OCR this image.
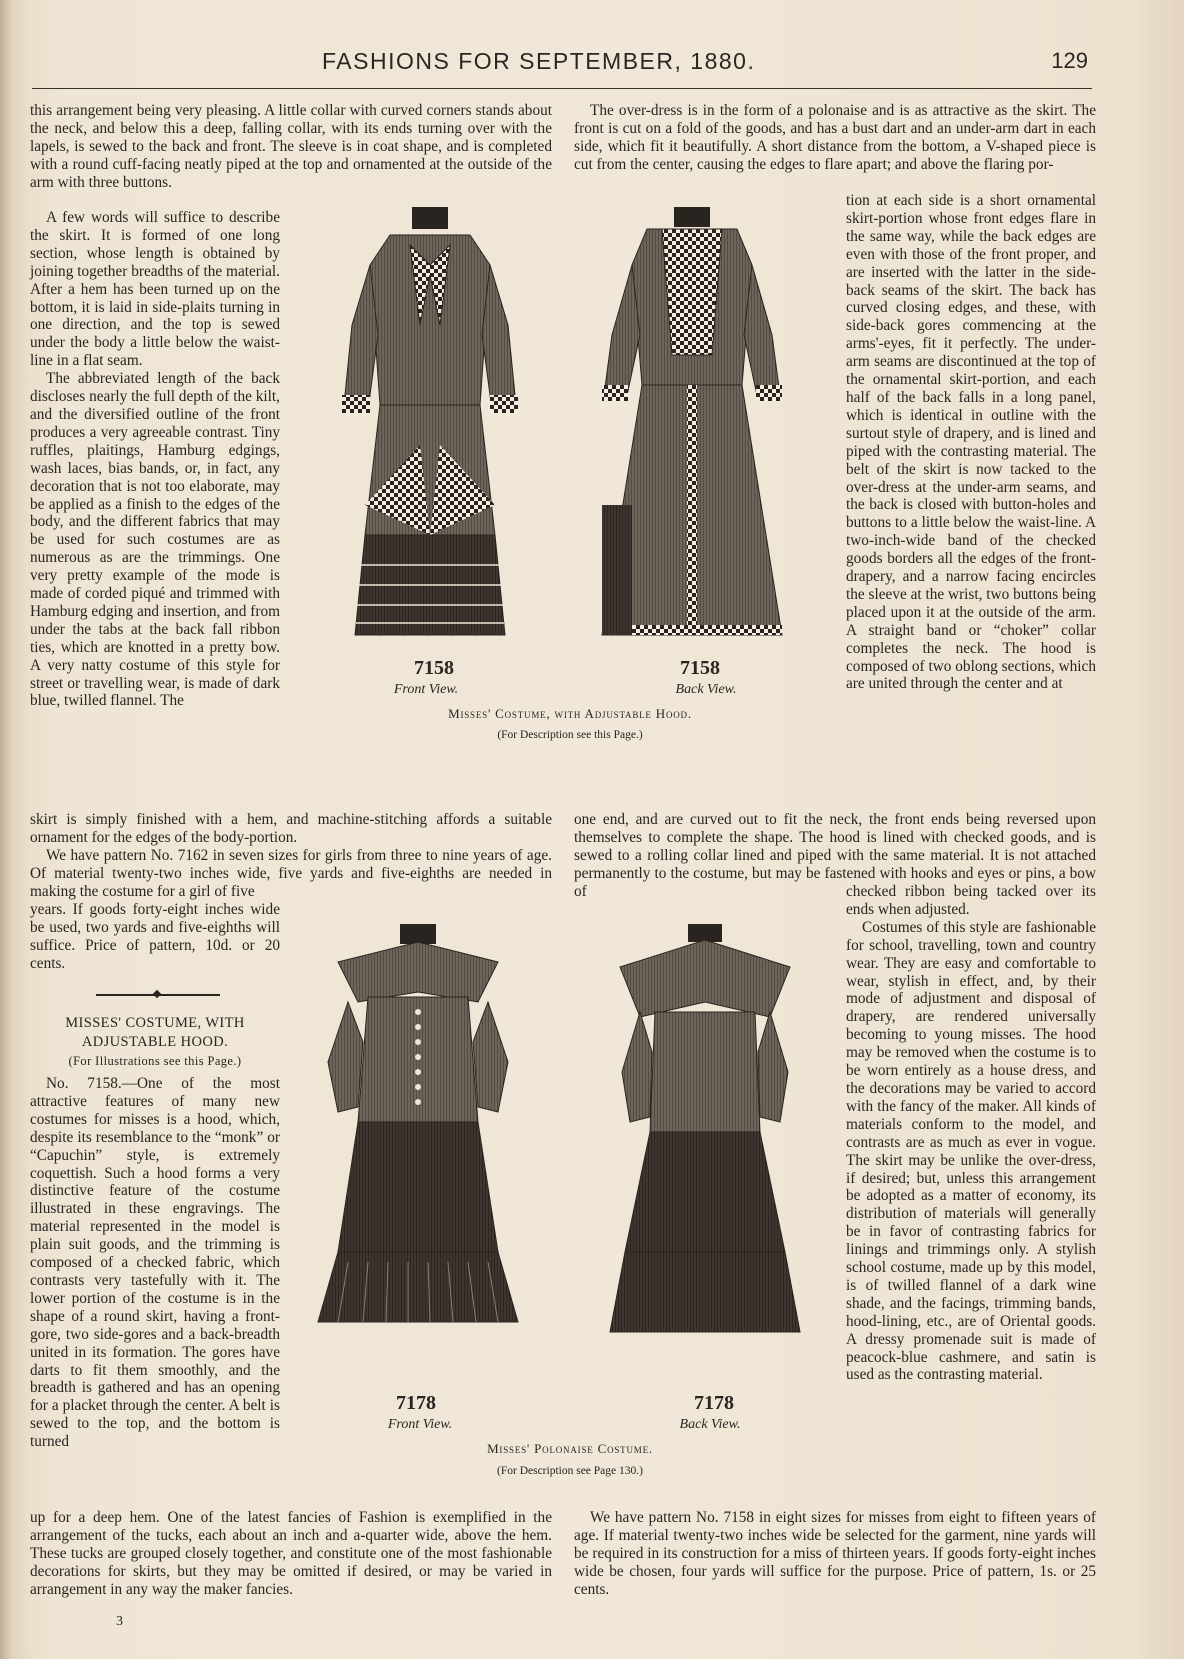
FASHIONS FOR SEPTEMBER, 1880.	129

this arrangement being very pleasing. A little collar with curved corners stands about the neck, and below this a deep, falling collar, with its ends turning over with the lapels, is sewed to the back and front. The sleeve is in coat shape, and is completed with a round cuff-facing neatly piped at the top and ornamented at the outside of the arm with three buttons.

A few words will suffice to describe the skirt. It is formed of one long section, whose length is obtained by joining together breadths of the material. After a hem has been turned up on the bottom, it is laid in side-plaits turning in one direction, and the top is sewed under the body a little below the waist-line in a flat seam.

The abbreviated length of the back discloses nearly the full depth of the kilt, and the diversified outline of the front produces a very agreeable contrast. Tiny ruffles, plaitings, Hamburg edgings, wash laces, bias bands, or, in fact, any decoration that is not too elaborate, may be applied as a finish to the edges of the body, and the different fabrics that may be used for such costumes are as numerous as are the trimmings. One very pretty example of the mode is made of corded piqué and trimmed with Hamburg edging and insertion, and from under the tabs at the back fall ribbon ties, which are knotted in a pretty bow. A very natty costume of this style for street or travelling wear, is made of dark blue, twilled flannel. The

skirt is simply finished with a hem, and machine-stitching affords a suitable ornament for the edges of the body-portion.

We have pattern No. 7162 in seven sizes for girls from three to nine years of age. Of material twenty-two inches wide, five yards and five-eighths are needed in making the costume for a girl of five

years. If goods forty-eight inches wide be used, two yards and five-eighths will suffice. Price of pattern, 10d. or 20 cents.

MISSES' COSTUME, WITH
ADJUSTABLE HOOD.
(For Illustrations see this Page.)

No. 7158.—One of the most attractive features of many new costumes for misses is a hood, which, despite its resemblance to the “monk” or “Capuchin” style, is extremely coquettish. Such a hood forms a very distinctive feature of the costume illustrated in these engravings. The material represented in the model is plain suit goods, and the trimming is composed of a checked fabric, which contrasts very tastefully with it. The lower portion of the costume is in the shape of a round skirt, having a front-gore, two side-gores and a back-breadth united in its formation. The gores have darts to fit them smoothly, and the breadth is gathered and has an opening for a placket through the center. A belt is sewed to the top, and the bottom is turned

up for a deep hem. One of the latest fancies of Fashion is exemplified in the arrangement of the tucks, each about an inch and a-quarter wide, above the hem. These tucks are grouped closely together, and constitute one of the most fashionable decorations for skirts, but they may be omitted if desired, or may be varied in arrangement in any way the maker fancies.

The over-dress is in the form of a polonaise and is as attractive as the skirt. The front is cut on a fold of the goods, and has a bust dart and an under-arm dart in each side, which fit it beautifully. A short distance from the bottom, a V-shaped piece is cut from the center, causing the edges to flare apart; and above the flaring por-

tion at each side is a short ornamental skirt-portion whose front edges flare in the same way, while the back edges are even with those of the front proper, and are inserted with the latter in the side-back seams of the skirt. The back has curved closing edges, and these, with side-back gores commencing at the arms'-eyes, fit it perfectly. The under-arm seams are discontinued at the top of the ornamental skirt-portion, and each half of the back falls in a long panel, which is identical in outline with the surtout style of drapery, and is lined and piped with the contrasting material. The belt of the skirt is now tacked to the over-dress at the under-arm seams, and the back is closed with button-holes and buttons to a little below the waist-line. A two-inch-wide band of the checked goods borders all the edges of the front-drapery, and a narrow facing encircles the sleeve at the wrist, two buttons being placed upon it at the outside of the arm. A straight band or “choker” collar completes the neck. The hood is composed of two oblong sections, which are united through the center and at

one end, and are curved out to fit the neck, the front ends being reversed upon themselves to complete the shape. The hood is lined with checked goods, and is sewed to a rolling collar lined and piped with the same material. It is not attached permanently to the costume, but may be fastened with hooks and eyes or pins, a bow of	checked ribbon being tacked over its ends when adjusted.

Costumes of this style are fashionable for school, travelling, town and country wear. They are easy and comfortable to wear, stylish in effect, and, by their mode of adjustment and disposal of drapery, are rendered universally becoming to young misses. The hood may be removed when the costume is to be worn entirely as a house dress, and the decorations may be varied to accord with the fancy of the maker. All kinds of materials conform to the model, and contrasts are as much as ever in vogue. The skirt may be unlike the over-dress, if desired; but, unless this arrangement be adopted as a matter of economy, its distribution of materials will generally be in favor of contrasting fabrics for linings and trimmings only. A stylish school costume, made up by this model, is of twilled flannel of a dark wine shade, and the facings, trimming bands, hood-lining, etc., are of Oriental goods. A dressy promenade suit is made of peacock-blue cashmere, and satin is used as the contrasting material.

We have pattern No. 7158 in eight sizes for misses from eight to fifteen years of age. If material twenty-two inches wide be selected for the garment, nine yards will be required in its construction for a miss of thirteen years. If goods forty-eight inches wide be chosen, four yards will suffice for the purpose. Price of pattern, 1s. or 25 cents.

7158	7158
Front View.	Back View.
Misses' Costume, with Adjustable Hood.
(For Description see this Page.)
7178	7178
Front View.	Back View.
Misses' Polonaise Costume.
(For Description see Page 130.)
3
